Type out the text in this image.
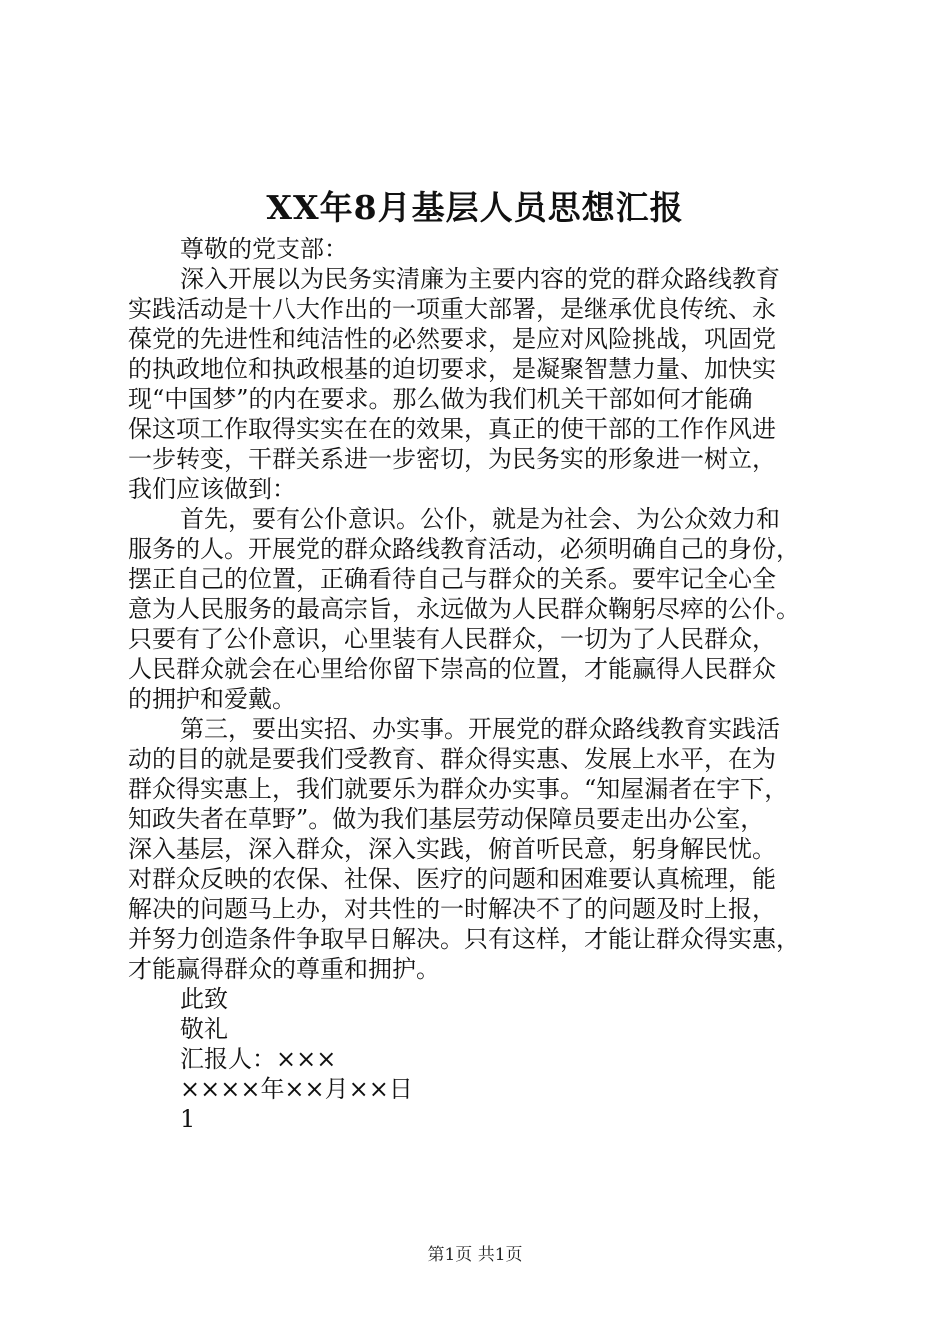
XX年8月基层人员思想汇报
尊敬的党支部：
深入开展以为民务实清廉为主要内容的党的群众路线教育
实践活动是十八大作出的一项重大部署，是继承优良传统、永
葆党的先进性和纯洁性的必然要求，是应对风险挑战，巩固党
的执政地位和执政根基的迫切要求，是凝聚智慧力量、加快实
现“中国梦”的内在要求。那么做为我们机关干部如何才能确
保这项工作取得实实在在的效果，真正的使干部的工作作风进
一步转变，干群关系进一步密切，为民务实的形象进一树立，
我们应该做到：
首先，要有公仆意识。公仆，就是为社会、为公众效力和
服务的人。开展党的群众路线教育活动，必须明确自己的身份，
摆正自己的位置，正确看待自己与群众的关系。要牢记全心全
意为人民服务的最高宗旨，永远做为人民群众鞠躬尽瘁的公仆。
只要有了公仆意识，心里装有人民群众，一切为了人民群众，
人民群众就会在心里给你留下崇高的位置，才能赢得人民群众
的拥护和爱戴。
第三，要出实招、办实事。开展党的群众路线教育实践活
动的目的就是要我们受教育、群众得实惠、发展上水平，在为
群众得实惠上，我们就要乐为群众办实事。“知屋漏者在宇下，
知政失者在草野”。做为我们基层劳动保障员要走出办公室，
深入基层，深入群众，深入实践，俯首听民意，躬身解民忧。
对群众反映的农保、社保、医疗的问题和困难要认真梳理，能
解决的问题马上办，对共性的一时解决不了的问题及时上报，
并努力创造条件争取早日解决。只有这样，才能让群众得实惠，
才能赢得群众的尊重和拥护。
此致
敬礼
汇报人：×××
××××年××月××日
1
第1页 共1页
